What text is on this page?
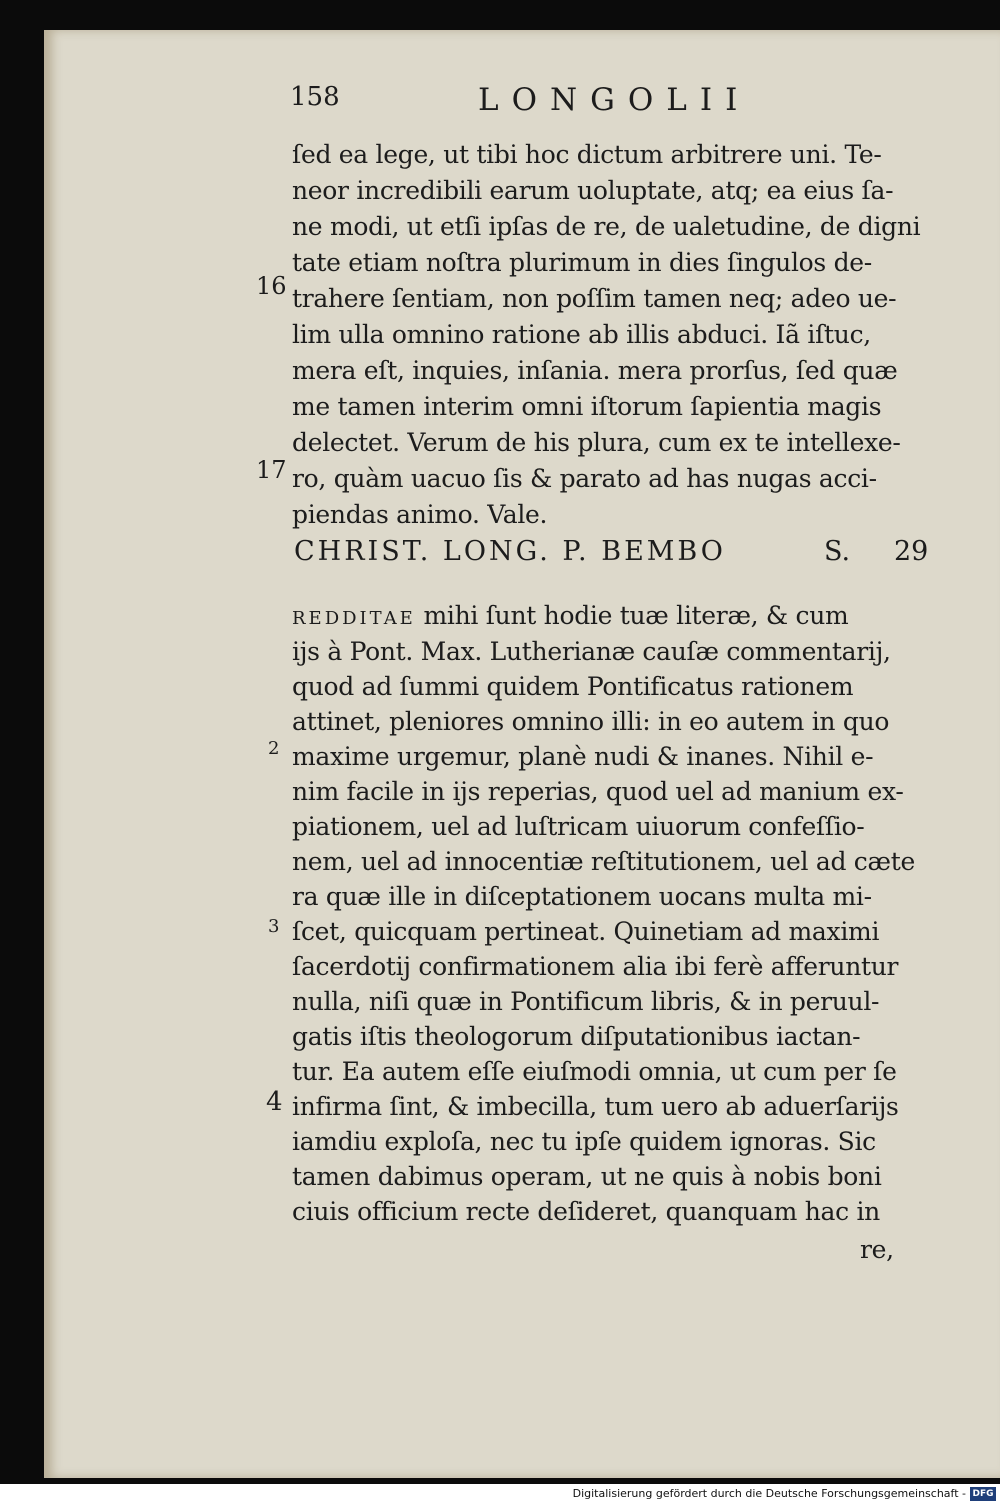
158	LONGOLII
ſed ea lege, ut tibi hoc dictum arbitrere uni. Te-
neor incredibili earum uoluptate, atq; ea eius ſa-
ne modi, ut etſi ipſas de re, de ualetudine, de digni
tate etiam noſtra plurimum in dies ſingulos de-
trahere ſentiam, non poſſim tamen neq; adeo ue-
lim ulla omnino ratione ab illis abduci. Iã iſtuc,
mera eſt, inquies, inſania. mera prorſus, ſed quæ
me tamen interim omni iſtorum ſapientia magis
delectet. Verum de his plura, cum ex te intellexe-
ro, quàm uacuo ſis & parato ad has nugas acci-
piendas animo. Vale.
16
17
CHRIST. LONG. P. BEMBO	S. 29
REDDITAE mihi ſunt hodie tuæ literæ, & cum
iјs à Pont. Max. Lutherianæ cauſæ commentarij,
quod ad ſummi quidem Pontificatus rationem
attinet, pleniores omnino illi: in eo autem in quo
maxime urgemur, planè nudi & inanes. Nihil e-
nim facile in iјs reperias, quod uel ad manium ex-
piationem, uel ad luſtricam uiuorum confeſſio-
nem, uel ad innocentiæ reſtitutionem, uel ad cæte
ra quæ ille in diſceptationem uocans multa mi-
ſcet, quicquam pertineat. Quinetiam ad maximi
ſacerdotij confirmationem alia ibi ferè afferuntur
nulla, niſi quæ in Pontificum libris, & in peruul-
gatis iſtis theologorum diſputationibus iactan-
tur. Ea autem eſſe eiuſmodi omnia, ut cum per ſe
infirma ſint, & imbecilla, tum uero ab aduerſarijs
iamdiu exploſa, nec tu ipſe quidem ignoras. Sic
tamen dabimus operam, ut ne quis à nobis boni
ciuis officium recte deſideret, quanquam hac in
re,
2
3
4
Digitalisierung gefördert durch die Deutsche Forschungsgemeinschaft - DFG
